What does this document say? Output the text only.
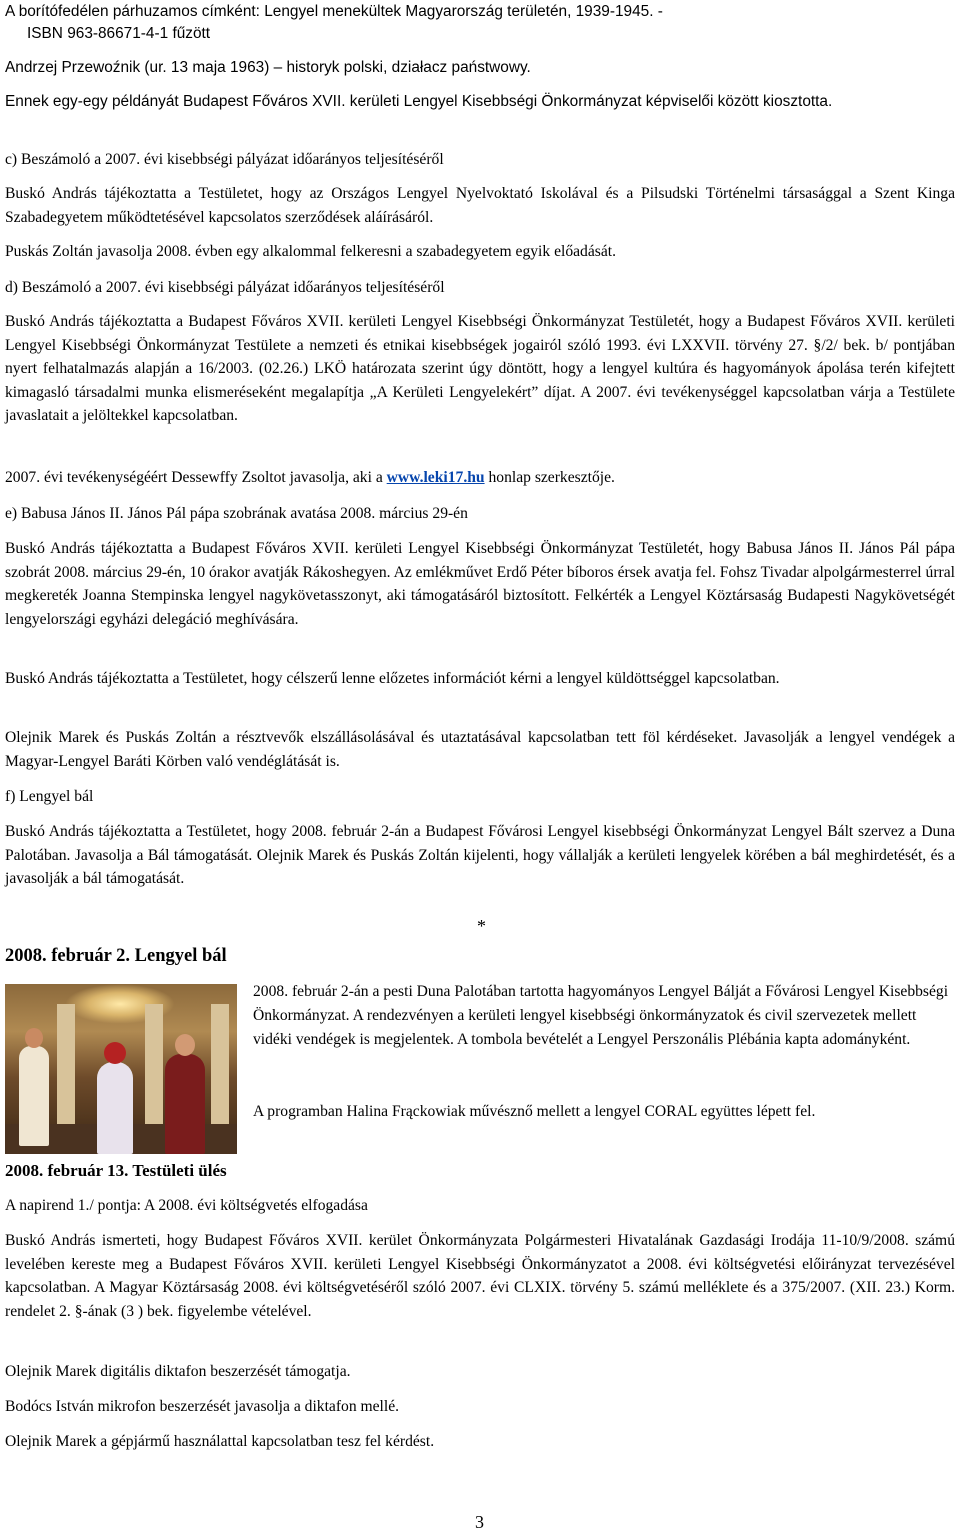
A borítófedélen párhuzamos címként: Lengyel menekültek Magyarország területén, 1939-1945. -

ISBN 963-86671-4-1 fűzött

Andrzej Przewoźnik (ur. 13 maja 1963) – historyk polski, działacz państwowy.

Ennek egy-egy példányát Budapest Főváros XVII. kerületi Lengyel Kisebbségi Önkormányzat képviselői között kiosztotta.

c) Beszámoló a 2007. évi kisebbségi pályázat időarányos teljesítéséről

Buskó András tájékoztatta a Testületet, hogy az Országos Lengyel Nyelvoktató Iskolával és a Pilsudski Történelmi társasággal a Szent Kinga Szabadegyetem működtetésével kapcsolatos szerződések aláírásáról.

Puskás Zoltán javasolja 2008. évben egy alkalommal felkeresni a szabadegyetem egyik előadását.

d) Beszámoló a 2007. évi kisebbségi pályázat időarányos teljesítéséről

Buskó András tájékoztatta a Budapest Főváros XVII. kerületi Lengyel Kisebbségi Önkormányzat Testületét, hogy a Budapest Főváros XVII. kerületi Lengyel Kisebbségi Önkormányzat Testülete a nemzeti és etnikai kisebbségek jogairól szóló 1993. évi LXXVII. törvény 27. §/2/ bek. b/ pontjában nyert felhatalmazás alapján a 16/2003. (02.26.) LKÖ határozata szerint úgy döntött, hogy a lengyel kultúra és hagyományok ápolása terén kifejtett kimagasló társadalmi munka elismeréseként megalapítja „A Kerületi Lengyelekért” díjat. A 2007. évi tevékenységgel kapcsolatban várja a Testülete javaslatait a jelöltekkel kapcsolatban.

2007. évi tevékenységéért Dessewffy Zsoltot javasolja, aki a www.leki17.hu honlap szerkesztője.

e) Babusa János II. János Pál pápa szobrának avatása 2008. március 29-én

Buskó András tájékoztatta a Budapest Főváros XVII. kerületi Lengyel Kisebbségi Önkormányzat Testületét, hogy Babusa János II. János Pál pápa szobrát 2008. március 29-én, 10 órakor avatják Rákoshegyen. Az emlékművet Erdő Péter bíboros érsek avatja fel. Fohsz Tivadar alpolgármesterrel úrral megkereték Joanna Stempinska lengyel nagykövetasszonyt, aki támogatásáról biztosított. Felkérték a Lengyel Köztársaság Budapesti Nagykövetségét lengyelországi egyházi delegáció meghívására.

Buskó András tájékoztatta a Testületet, hogy célszerű lenne előzetes információt kérni a lengyel küldöttséggel kapcsolatban.

Olejnik Marek és Puskás Zoltán a résztvevők elszállásolásával és utaztatásával kapcsolatban tett föl kérdéseket. Javasolják a lengyel vendégek a Magyar-Lengyel Baráti Körben való vendéglátását is.

f) Lengyel bál

Buskó András tájékoztatta a Testületet, hogy 2008. február 2-án a Budapest Fővárosi Lengyel kisebbségi Önkormányzat Lengyel Bált szervez a Duna Palotában. Javasolja a Bál támogatását. Olejnik Marek és Puskás Zoltán kijelenti, hogy vállalják a kerületi lengyelek körében a bál meghirdetését, és a javasolják a bál támogatását.

*

2008. február 2. Lengyel bál

2008. február 2-án a pesti Duna Palotában tartotta hagyományos Lengyel Bálját a Fővárosi Lengyel Kisebbségi Önkormányzat. A rendezvényen a kerületi lengyel kisebbségi önkormányzatok és civil szervezetek mellett vidéki vendégek is megjelentek. A tombola bevételét a Lengyel Perszonális Plébánia kapta adományként.

A programban Halina Frąckowiak művésznő mellett a lengyel CORAL együttes lépett fel.

2008. február 13. Testületi ülés

A napirend 1./ pontja: A 2008. évi költségvetés elfogadása

Buskó András ismerteti, hogy Budapest Főváros XVII. kerület Önkormányzata Polgármesteri Hivatalának Gazdasági Irodája 11-10/9/2008. számú levelében kereste meg a Budapest Főváros XVII. kerületi Lengyel Kisebbségi Önkormányzatot a 2008. évi költségvetési előirányzat tervezésével kapcsolatban. A Magyar Köztársaság 2008. évi költségvetéséről szóló 2007. évi CLXIX. törvény 5. számú melléklete és a 375/2007. (XII. 23.) Korm. rendelet 2. §-ának (3 ) bek. figyelembe vételével.

Olejnik Marek digitális diktafon beszerzését támogatja.

Bodócs István mikrofon beszerzését javasolja a diktafon mellé.

Olejnik Marek a gépjármű használattal kapcsolatban tesz fel kérdést.

3
